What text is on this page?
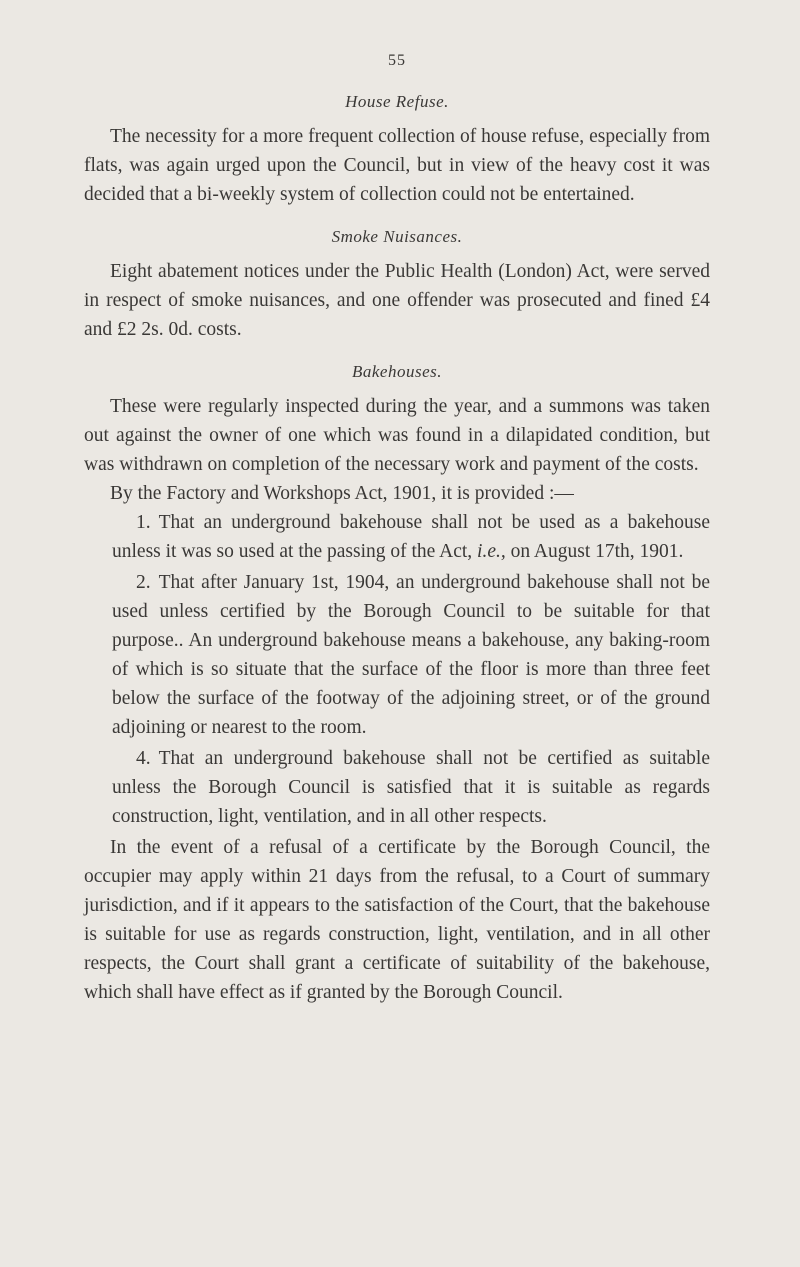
55
House Refuse.

The necessity for a more frequent collection of house refuse, especially from flats, was again urged upon the Council, but in view of the heavy cost it was decided that a bi-weekly system of collection could not be entertained.

Smoke Nuisances.

Eight abatement notices under the Public Health (London) Act, were served in respect of smoke nuisances, and one offender was prosecuted and fined £4 and £2 2s. 0d. costs.

Bakehouses.

These were regularly inspected during the year, and a summons was taken out against the owner of one which was found in a dilapidated condition, but was withdrawn on completion of the necessary work and payment of the costs.

By the Factory and Workshops Act, 1901, it is provided :—

1. That an underground bakehouse shall not be used as a bakehouse unless it was so used at the passing of the Act, i.e., on August 17th, 1901.
2. That after January 1st, 1904, an underground bakehouse shall not be used unless certified by the Borough Council to be suitable for that purpose.. An underground bakehouse means a bakehouse, any baking-room of which is so situate that the surface of the floor is more than three feet below the surface of the footway of the adjoining street, or of the ground adjoining or nearest to the room.
4. That an underground bakehouse shall not be certified as suitable unless the Borough Council is satisfied that it is suitable as regards construction, light, ventilation, and in all other respects.

In the event of a refusal of a certificate by the Borough Council, the occupier may apply within 21 days from the refusal, to a Court of summary jurisdiction, and if it appears to the satisfaction of the Court, that the bakehouse is suitable for use as regards construction, light, ventilation, and in all other respects, the Court shall grant a certificate of suitability of the bakehouse, which shall have effect as if granted by the Borough Council.
